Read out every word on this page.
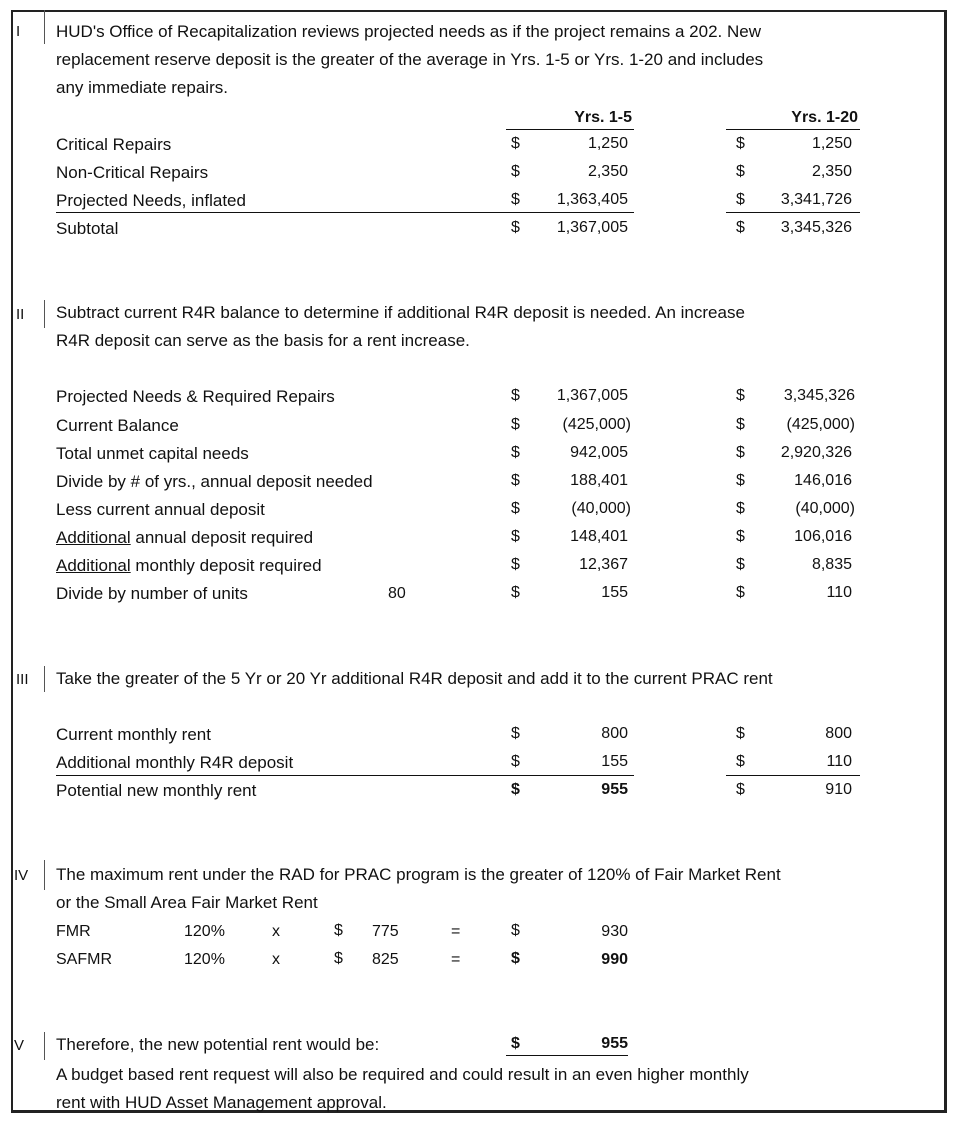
I HUD's Office of Recapitalization reviews projected needs as if the project remains a 202. New
replacement reserve deposit is the greater of the average in Yrs. 1-5 or Yrs. 1-20 and includes
any immediate repairs.
Yrs. 1-5	Yrs. 1-20
Critical Repairs	$	1,250	$	1,250
Non-Critical Repairs	$	2,350	$	2,350
Projected Needs, inflated	$ 1,363,405	$ 3,341,726
Subtotal	$ 1,367,005	$ 3,345,326
II Subtract current R4R balance to determine if additional R4R deposit is needed. An increase
R4R deposit can serve as the basis for a rent increase.
Projected Needs & Required Repairs	$ 1,367,005	$ 3,345,326
Current Balance	$	(425,000)	$	(425,000)
Total unmet capital needs	$	942,005	$ 2,920,326
Divide by # of yrs., annual deposit needed	$	188,401	$	146,016
Less current annual deposit	$	(40,000)	$	(40,000)
Additional annual deposit required	$	148,401	$	106,016
Additional monthly deposit required	$	12,367	$	8,835
Divide by number of units	80	$	155	$	110
III Take the greater of the 5 Yr or 20 Yr additional R4R deposit and add it to the current PRAC rent
Current monthly rent	$	800	$	800
Additional monthly R4R deposit	$	155	$	110
Potential new monthly rent	$	955	$	910
IV The maximum rent under the RAD for PRAC program is the greater of 120% of Fair Market Rent
or the Small Area Fair Market Rent
FMR	120%	x	$ 775	=	$	930
SAFMR	120%	x	$ 825	=	$	990
V Therefore, the new potential rent would be:	$	955
A budget based rent request will also be required and could result in an even higher monthly
rent with HUD Asset Management approval.
